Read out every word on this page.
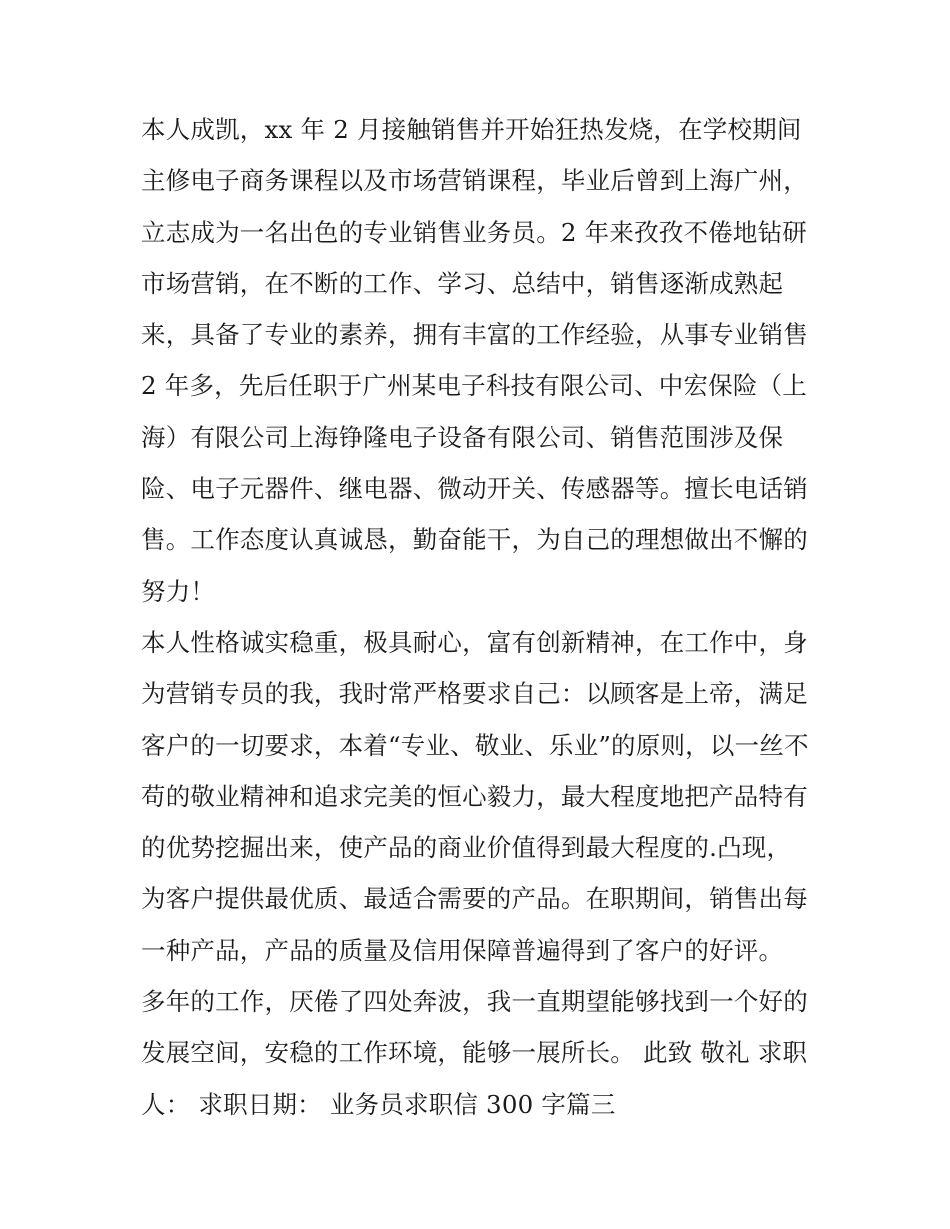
本人成凯，xx 年 2 月接触销售并开始狂热发烧，在学校期间
主修电子商务课程以及市场营销课程，毕业后曾到上海广州，
立志成为一名出色的专业销售业务员。2 年来孜孜不倦地钻研
市场营销，在不断的工作、学习、总结中，销售逐渐成熟起
来，具备了专业的素养，拥有丰富的工作经验，从事专业销售
2 年多，先后任职于广州某电子科技有限公司、中宏保险（上
海）有限公司上海铮隆电子设备有限公司、销售范围涉及保
险、电子元器件、继电器、微动开关、传感器等。擅长电话销
售。工作态度认真诚恳，勤奋能干，为自己的理想做出不懈的
努力！
本人性格诚实稳重，极具耐心，富有创新精神，在工作中，身
为营销专员的我，我时常严格要求自己：以顾客是上帝，满足
客户的一切要求，本着“专业、敬业、乐业”的原则，以一丝不
苟的敬业精神和追求完美的恒心毅力，最大程度地把产品特有
的优势挖掘出来，使产品的商业价值得到最大程度的.凸现，
为客户提供最优质、最适合需要的产品。在职期间，销售出每
一种产品，产品的质量及信用保障普遍得到了客户的好评。
多年的工作，厌倦了四处奔波，我一直期望能够找到一个好的
发展空间，安稳的工作环境，能够一展所长。 此致 敬礼 求职
人： 求职日期： 业务员求职信 300 字篇三
